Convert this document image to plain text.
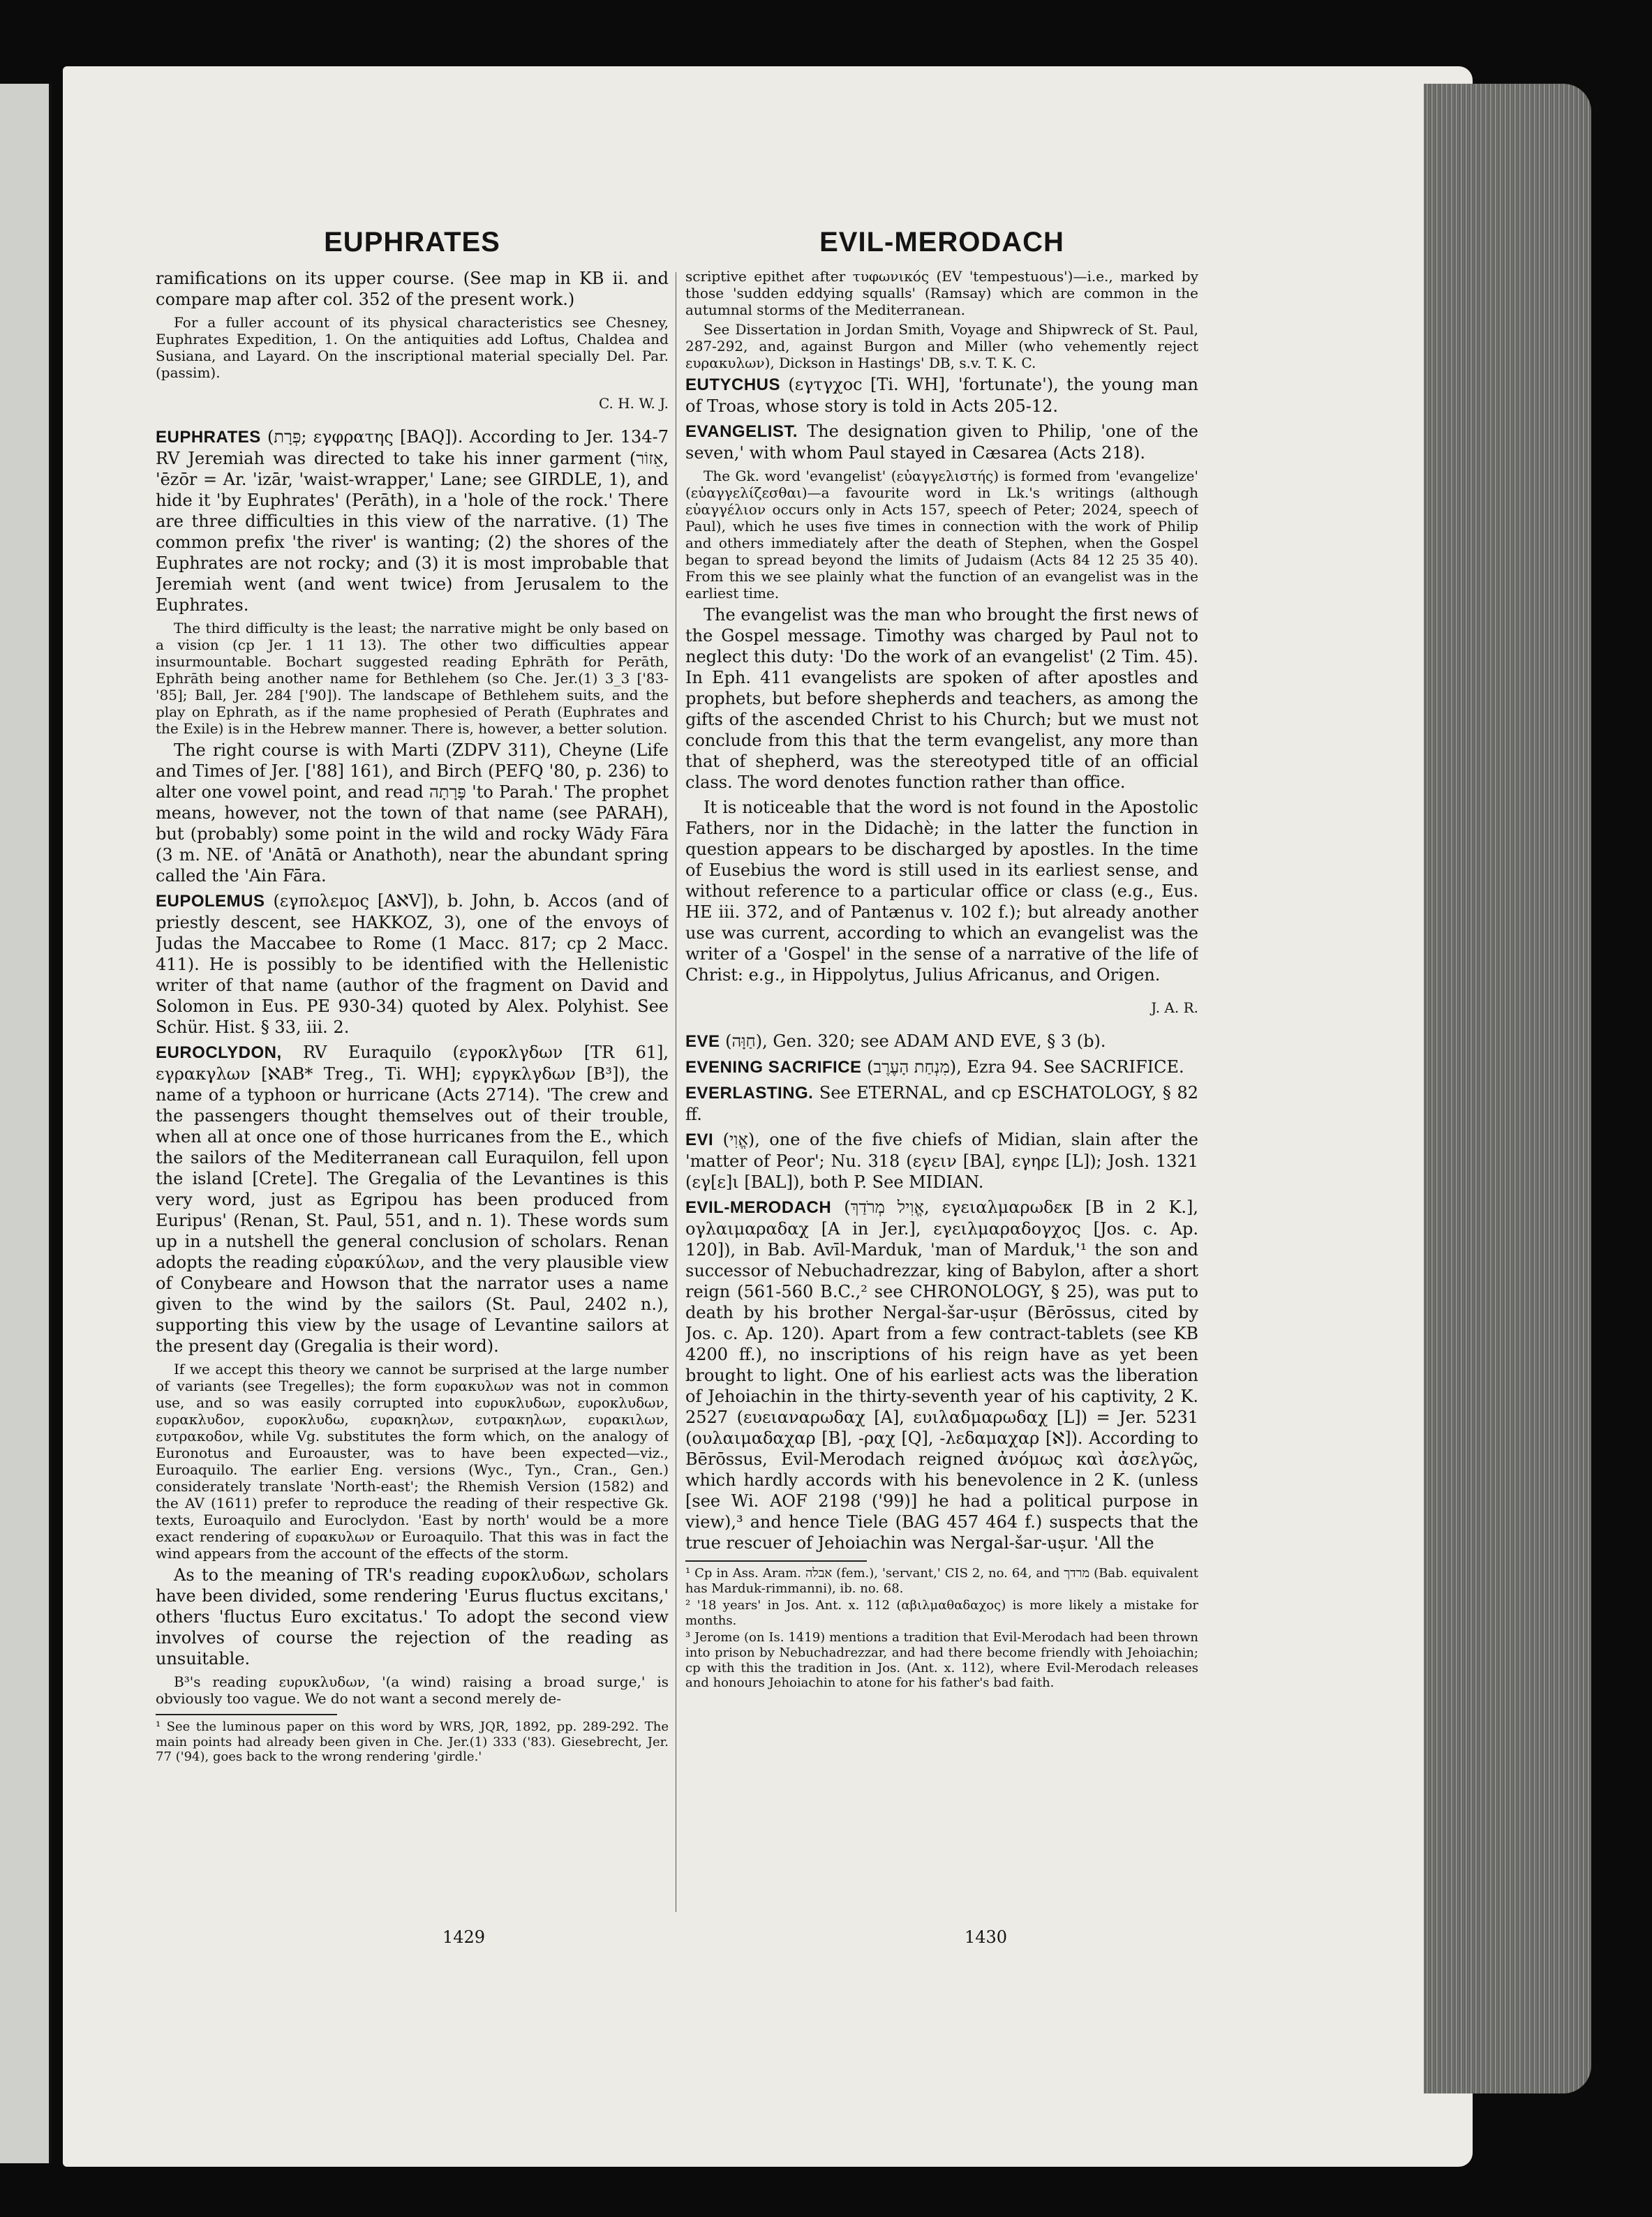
EUPHRATES

ramifications on its upper course. (See map in KB ii. and compare map after col. 352 of the present work.)

For a fuller account of its physical characteristics see Chesney, Euphrates Expedition, 1. On the antiquities add Loftus, Chaldea and Susiana, and Layard. On the inscriptional material specially Del. Par. (passim).

C. H. W. J.

EUPHRATES (פְּרָת; εγφρατης [BAQ]). According to Jer. 134-7 RV Jeremiah was directed to take his inner garment (אֵזוֹר, 'ēzōr = Ar. 'izār, 'waist-wrapper,' Lane; see GIRDLE, 1), and hide it 'by Euphrates' (Perāth), in a 'hole of the rock.' There are three difficulties in this view of the narrative. (1) The common prefix 'the river' is wanting; (2) the shores of the Euphrates are not rocky; and (3) it is most improbable that Jeremiah went (and went twice) from Jerusalem to the Euphrates.

The third difficulty is the least; the narrative might be only based on a vision (cp Jer. 1 11 13). The other two difficulties appear insurmountable. Bochart suggested reading Ephrāth for Perāth, Ephrāth being another name for Bethlehem (so Che. Jer.(1) 3_3 ['83-'85]; Ball, Jer. 284 ['90]). The landscape of Bethlehem suits, and the play on Ephrath, as if the name prophesied of Perath (Euphrates and the Exile) is in the Hebrew manner. There is, however, a better solution.

The right course is with Marti (ZDPV 311), Cheyne (Life and Times of Jer. ['88] 161), and Birch (PEFQ '80, p. 236) to alter one vowel point, and read פָּרָתָה 'to Parah.' The prophet means, however, not the town of that name (see PARAH), but (probably) some point in the wild and rocky Wādy Fāra (3 m. NE. of 'Anātā or Anathoth), near the abundant spring called the 'Ain Fāra.

EUPOLEMUS (εγπολεμος [AℵV]), b. John, b. Accos (and of priestly descent, see HAKKOZ, 3), one of the envoys of Judas the Maccabee to Rome (1 Macc. 817; cp 2 Macc. 411). He is possibly to be identified with the Hellenistic writer of that name (author of the fragment on David and Solomon in Eus. PE 930-34) quoted by Alex. Polyhist. See Schür. Hist. § 33, iii. 2.

EUROCLYDON, RV Euraquilo (εγροκλγδων [TR 61], εγρακγλων [ℵAB* Treg., Ti. WH]; εγργκλγδων [B³]), the name of a typhoon or hurricane (Acts 2714). 'The crew and the passengers thought themselves out of their trouble, when all at once one of those hurricanes from the E., which the sailors of the Mediterranean call Euraquilon, fell upon the island [Crete]. The Gregalia of the Levantines is this very word, just as Egripou has been produced from Euripus' (Renan, St. Paul, 551, and n. 1). These words sum up in a nutshell the general conclusion of scholars. Renan adopts the reading εὐρακύλων, and the very plausible view of Conybeare and Howson that the narrator uses a name given to the wind by the sailors (St. Paul, 2402 n.), supporting this view by the usage of Levantine sailors at the present day (Gregalia is their word).

If we accept this theory we cannot be surprised at the large number of variants (see Tregelles); the form ευρακυλων was not in common use, and so was easily corrupted into ευρυκλυδων, ευροκλυδων, ευρακλυδον, ευροκλυδω, ευρακηλων, ευτρακηλων, ευρακιλων, ευτρακοδον, while Vg. substitutes the form which, on the analogy of Euronotus and Euroauster, was to have been expected—viz., Euroaquilo. The earlier Eng. versions (Wyc., Tyn., Cran., Gen.) considerately translate 'North-east'; the Rhemish Version (1582) and the AV (1611) prefer to reproduce the reading of their respective Gk. texts, Euroaquilo and Euroclydon. 'East by north' would be a more exact rendering of ευρακυλων or Euroaquilo. That this was in fact the wind appears from the account of the effects of the storm.

As to the meaning of TR's reading ευροκλυδων, scholars have been divided, some rendering 'Eurus fluctus excitans,' others 'fluctus Euro excitatus.' To adopt the second view involves of course the rejection of the reading as unsuitable.

B³'s reading ευρυκλυδων, '(a wind) raising a broad surge,' is obviously too vague. We do not want a second merely de-

¹ See the luminous paper on this word by WRS, JQR, 1892, pp. 289-292. The main points had already been given in Che. Jer.(1) 333 ('83). Giesebrecht, Jer. 77 ('94), goes back to the wrong rendering 'girdle.'

EVIL-MERODACH

scriptive epithet after τυφωνικός (EV 'tempestuous')—i.e., marked by those 'sudden eddying squalls' (Ramsay) which are common in the autumnal storms of the Mediterranean.

See Dissertation in Jordan Smith, Voyage and Shipwreck of St. Paul, 287-292, and, against Burgon and Miller (who vehemently reject ευρακυλων), Dickson in Hastings' DB, s.v. T. K. C.

EUTYCHUS (εγτγχοc [Ti. WH], 'fortunate'), the young man of Troas, whose story is told in Acts 205-12.

EVANGELIST. The designation given to Philip, 'one of the seven,' with whom Paul stayed in Cæsarea (Acts 218).

The Gk. word 'evangelist' (εὐαγγελιστής) is formed from 'evangelize' (εὐαγγελίζεσθαι)—a favourite word in Lk.'s writings (although εὐαγγέλιον occurs only in Acts 157, speech of Peter; 2024, speech of Paul), which he uses five times in connection with the work of Philip and others immediately after the death of Stephen, when the Gospel began to spread beyond the limits of Judaism (Acts 84 12 25 35 40). From this we see plainly what the function of an evangelist was in the earliest time.

The evangelist was the man who brought the first news of the Gospel message. Timothy was charged by Paul not to neglect this duty: 'Do the work of an evangelist' (2 Tim. 45). In Eph. 411 evangelists are spoken of after apostles and prophets, but before shepherds and teachers, as among the gifts of the ascended Christ to his Church; but we must not conclude from this that the term evangelist, any more than that of shepherd, was the stereotyped title of an official class. The word denotes function rather than office.

It is noticeable that the word is not found in the Apostolic Fathers, nor in the Didachè; in the latter the function in question appears to be discharged by apostles. In the time of Eusebius the word is still used in its earliest sense, and without reference to a particular office or class (e.g., Eus. HE iii. 372, and of Pantænus v. 102 f.); but already another use was current, according to which an evangelist was the writer of a 'Gospel' in the sense of a narrative of the life of Christ: e.g., in Hippolytus, Julius Africanus, and Origen.

J. A. R.

EVE (חַוָּה), Gen. 320; see ADAM AND EVE, § 3 (b).

EVENING SACRIFICE (מִנְחַת הָעֶרֶב), Ezra 94. See SACRIFICE.

EVERLASTING. See ETERNAL, and cp ESCHATOLOGY, § 82 ff.

EVI (אֱוִי), one of the five chiefs of Midian, slain after the 'matter of Peor'; Nu. 318 (εγειν [BA], εγηρε [L]); Josh. 1321 (εγ[ε]ι [BAL]), both P. See MIDIAN.

EVIL-MERODACH (אֱוִיל מְרֹדַךְ, εγειαλμαρωδεκ [B in 2 K.], ογλαιμαραδαχ [A in Jer.], εγειλμαραδογχος [Jos. c. Ap. 120]), in Bab. Avīl-Marduk, 'man of Marduk,'¹ the son and successor of Nebuchadrezzar, king of Babylon, after a short reign (561-560 B.C.,² see CHRONOLOGY, § 25), was put to death by his brother Nergal-šar-uṣur (Bērōssus, cited by Jos. c. Ap. 120). Apart from a few contract-tablets (see KB 4200 ff.), no inscriptions of his reign have as yet been brought to light. One of his earliest acts was the liberation of Jehoiachin in the thirty-seventh year of his captivity, 2 K. 2527 (ευειαναρωδαχ [A], ευιλαδμαρωδαχ [L]) = Jer. 5231 (ουλαιμαδαχαρ [B], -ραχ [Q], -λεδαμαχαρ [ℵ]). According to Bērōssus, Evil-Merodach reigned ἀνόμως καὶ ἀσελγῶς, which hardly accords with his benevolence in 2 K. (unless [see Wi. AOF 2198 ('99)] he had a political purpose in view),³ and hence Tiele (BAG 457 464 f.) suspects that the true rescuer of Jehoiachin was Nergal-šar-uṣur. 'All the

¹ Cp in Ass. Aram. אבלה (fem.), 'servant,' CIS 2, no. 64, and מרדך (Bab. equivalent has Marduk-rimmanni), ib. no. 68.

² '18 years' in Jos. Ant. x. 112 (αβιλμαθαδαχος) is more likely a mistake for months.

³ Jerome (on Is. 1419) mentions a tradition that Evil-Merodach had been thrown into prison by Nebuchadrezzar, and had there become friendly with Jehoiachin; cp with this the tradition in Jos. (Ant. x. 112), where Evil-Merodach releases and honours Jehoiachin to atone for his father's bad faith.

1429	1430
